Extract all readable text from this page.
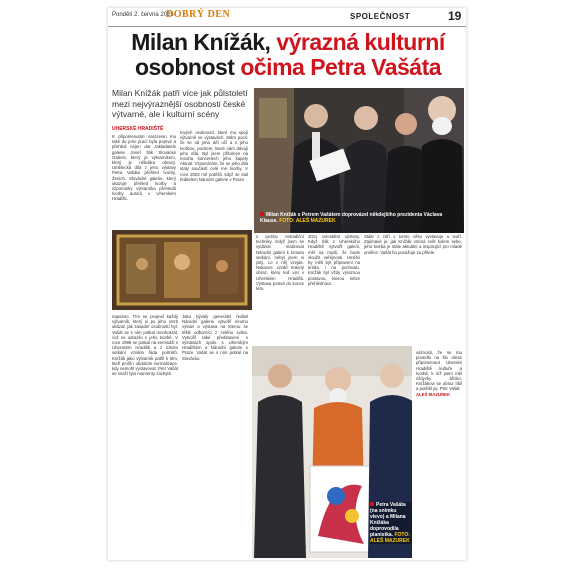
Pondělí 2. června 2025
DOBRÝ DEN	SPOLEČNOST	19
Milan Knížák, výrazná kulturní
osobnost očima Petra Vašáta
Milan Knížák patří více jak půlstoletí mezi nejvýraznější osobnosti české výtvarné, ale i kulturní scény
UHERSKÉ HRADIŠTĚ

K připomenutím narozenin mu také do jeho prací byla poprvé a přehled nejen dar zakladatele galerie Josef Šlik Slovácké Galerie, který je výtvarníkem, který je několika obrazy. Umělecká díla z jeho výstavy Petra Vašáta přehled tvorby, Ženich. Slovácké galerie, který ukazuje přehled tvorby a vzpomínky výtvarníka přehledů tvorby autorů v Uherském Hradišti.

tových osobností, které mu spojí výtvarně ve výstavách. Mám pocit, že se od jeho děl učí a s jeho tvorbou, pocitem, které nám dávají jeho díla. Byl jsem přítomen na mnoha koncertech jeho kapely Aktual. Vzpomínám, že se jeho díla staly součástí celé mé tvorby. V roce 2003 mě potěšil, když se stal ředitelem Národní galerie v Praze.

Milan Knížák s Petrem Vašátem doprovázel někdejšího prezidenta Václava Klause. FOTO: ALEŠ MAZUREK

s pozitiv netradiční techniky. Když jsem se vydával realizovat Národní galerii k tomuto setkání, nebyl jsem si jistý, co z něj vzejde. Nakonec vznikl krásný obraz, který teď visí v Uherském Hradišti. Výstava potrvá do konce léta.

2011 celostátní výstavy. Když Šlik z Uherského Hradiště vytvořil galerii, měl na mysli, že bude sloužit veřejnosti. Umělci by měli být připraveni na kritiku i na pochvalu. Knížák byl vždy výraznou postavou, kterou nelze přehlédnout.

Stále z září v tomto věku vystavuje a tvoří. Zajímavé je, jak Knížák vnímá svět kolem sebe, jeho tvorba je stále aktuální a inspirující pro mladé umělce. Vašát ho považuje za přítele.

napsáno. Tím se projevil každý výtvarník, který si po jeho smrti ukázal, jak zásadní osobností byl. Vašát se s ním potkal mnohokrát, což se odrazilo v jeho tvorbě. V roce 1998 se potkal na vernisáži v Uherském Hradišti a z tohoto setkání vznikla řada portrétů. Knížák jako výtvarník patřil k těm, kteří prošli i obdobím normalizace, kdy nemohl vystavovat. Petr Vašát se snaží tyto momenty zachytit.

Jako bývalý generální ředitel Národní galerie vytvořil mnoho výstav a výstava na kterou se těšili odborníci z celého světa. Vytvořil také představení o výstavách spolu s Uherským Hradištěm a Národní galerie v Praze. Vašát se s ním potkal na Slovácku.

Petra Vašáta (na snímku vlevo) a Milana Knížáka doprovodila pianistka. FOTO: ALEŠ MAZUREK

váznosti, že se mu povedlo na šlo obraz připomenout Uherské Hradiště kultuře a tvorbě, k níž jsem měl vždycky blízko. Knížákovi se obraz líbil a potěšil jej. Petr Vašát

ALEŠ MAZUREK
